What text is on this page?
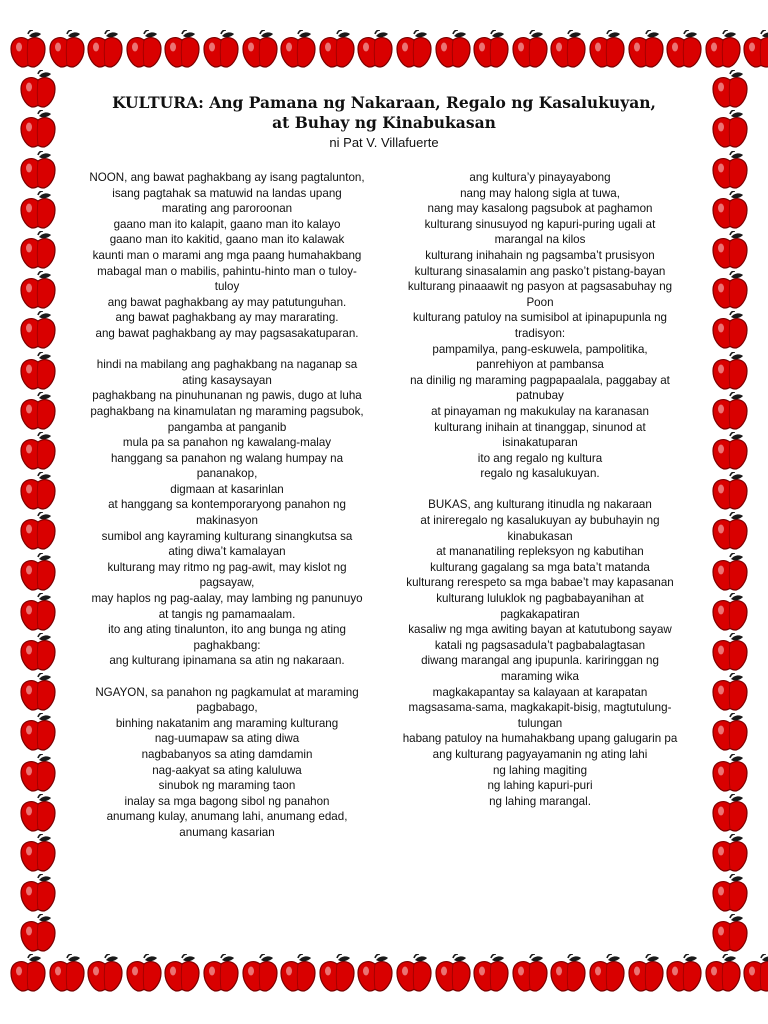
KULTURA: Ang Pamana ng Nakaraan, Regalo ng Kasalukuyan,
at Buhay ng Kinabukasan
ni Pat V. Villafuerte
NOON, ang bawat paghakbang ay isang pagtalunton,
isang pagtahak sa matuwid na landas upang
marating ang paroroonan
gaano man ito kalapit, gaano man ito kalayo
gaano man ito kakitid, gaano man ito kalawak
kaunti man o marami ang mga paang humahakbang
mabagal man o mabilis, pahintu-hinto man o tuloy-
tuloy
ang bawat paghakbang ay may patutunguhan.
ang bawat paghakbang ay may mararating.
ang bawat paghakbang ay may pagsasakatuparan.
hindi na mabilang ang paghakbang na naganap sa
ating kasaysayan
paghakbang na pinuhunanan ng pawis, dugo at luha
paghakbang na kinamulatan ng maraming pagsubok,
pangamba at panganib
mula pa sa panahon ng kawalang-malay
hanggang sa panahon ng walang humpay na
pananakop,
digmaan at kasarinlan
at hanggang sa kontemporaryong panahon ng
makinasyon
sumibol ang kayraming kulturang sinangkutsa sa
ating diwa’t kamalayan
kulturang may ritmo ng pag-awit, may kislot ng
pagsayaw,
may haplos ng pag-aalay, may lambing ng panunuyo
at tangis ng pamamaalam.
ito ang ating tinalunton, ito ang bunga ng ating
paghakbang:
ang kulturang ipinamana sa atin ng nakaraan.
NGAYON, sa panahon ng pagkamulat at maraming
pagbabago,
binhing nakatanim ang maraming kulturang
nag-uumapaw sa ating diwa
nagbabanyos sa ating damdamin
nag-aakyat sa ating kaluluwa
sinubok ng maraming taon
inalay sa mga bagong sibol ng panahon
anumang kulay, anumang lahi, anumang edad,
anumang kasarian
ang kultura’y pinayayabong
nang may halong sigla at tuwa,
nang may kasalong pagsubok at paghamon
kulturang sinusuyod ng kapuri-puring ugali at
marangal na kilos
kulturang inihahain ng pagsamba’t prusisyon
kulturang sinasalamin ang pasko’t pistang-bayan
kulturang pinaaawit ng pasyon at pagsasabuhay ng
Poon
kulturang patuloy na sumisibol at ipinapupunla ng
tradisyon:
pampamilya, pang-eskuwela, pampolitika,
panrehiyon at pambansa
na dinilig ng maraming pagpapaalala, paggabay at
patnubay
at pinayaman ng makukulay na karanasan
kulturang inihain at tinanggap, sinunod at
isinakatuparan
ito ang regalo ng kultura
regalo ng kasalukuyan.
BUKAS, ang kulturang itinudla ng nakaraan
at inireregalo ng kasalukuyan ay bubuhayin ng
kinabukasan
at mananatiling repleksyon ng kabutihan
kulturang gagalang sa mga bata’t matanda
kulturang rerespeto sa mga babae’t may kapasanan
kulturang luluklok ng pagbabayanihan at
pagkakapatiran
kasaliw ng mga awiting bayan at katutubong sayaw
katali ng pagsasadula’t pagbabalagtasan
diwang marangal ang ipupunla. kariringgan ng
maraming wika
magkakapantay sa kalayaan at karapatan
magsasama-sama, magkakapit-bisig, magtutulung-
tulungan
habang patuloy na humahakbang upang galugarin pa
ang kulturang pagyayamanin ng ating lahi
ng lahing magiting
ng lahing kapuri-puri
ng lahing marangal.
